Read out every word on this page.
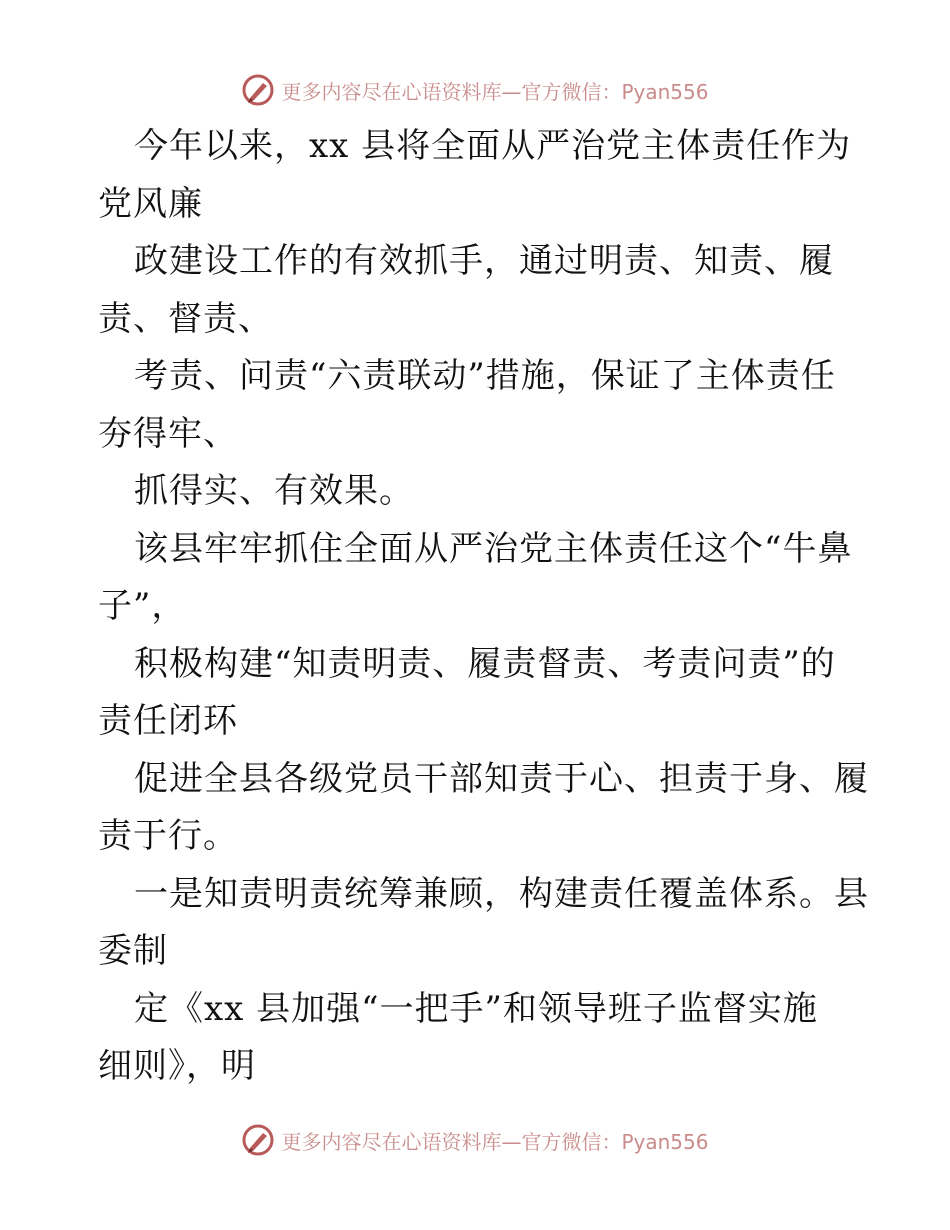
更多内容尽在心语资料库—官方微信：Pyan556
今年以来，xx 县将全面从严治党主体责任作为
党风廉
政建设工作的有效抓手，通过明责、知责、履
责、督责、
考责、问责“六责联动”措施，保证了主体责任
夯得牢、
抓得实、有效果。
该县牢牢抓住全面从严治党主体责任这个“牛鼻
子”，
积极构建“知责明责、履责督责、考责问责”的
责任闭环
促进全县各级党员干部知责于心、担责于身、履
责于行。
一是知责明责统筹兼顾，构建责任覆盖体系。县
委制
定《xx 县加强“一把手”和领导班子监督实施
细则》，明
更多内容尽在心语资料库—官方微信：Pyan556
